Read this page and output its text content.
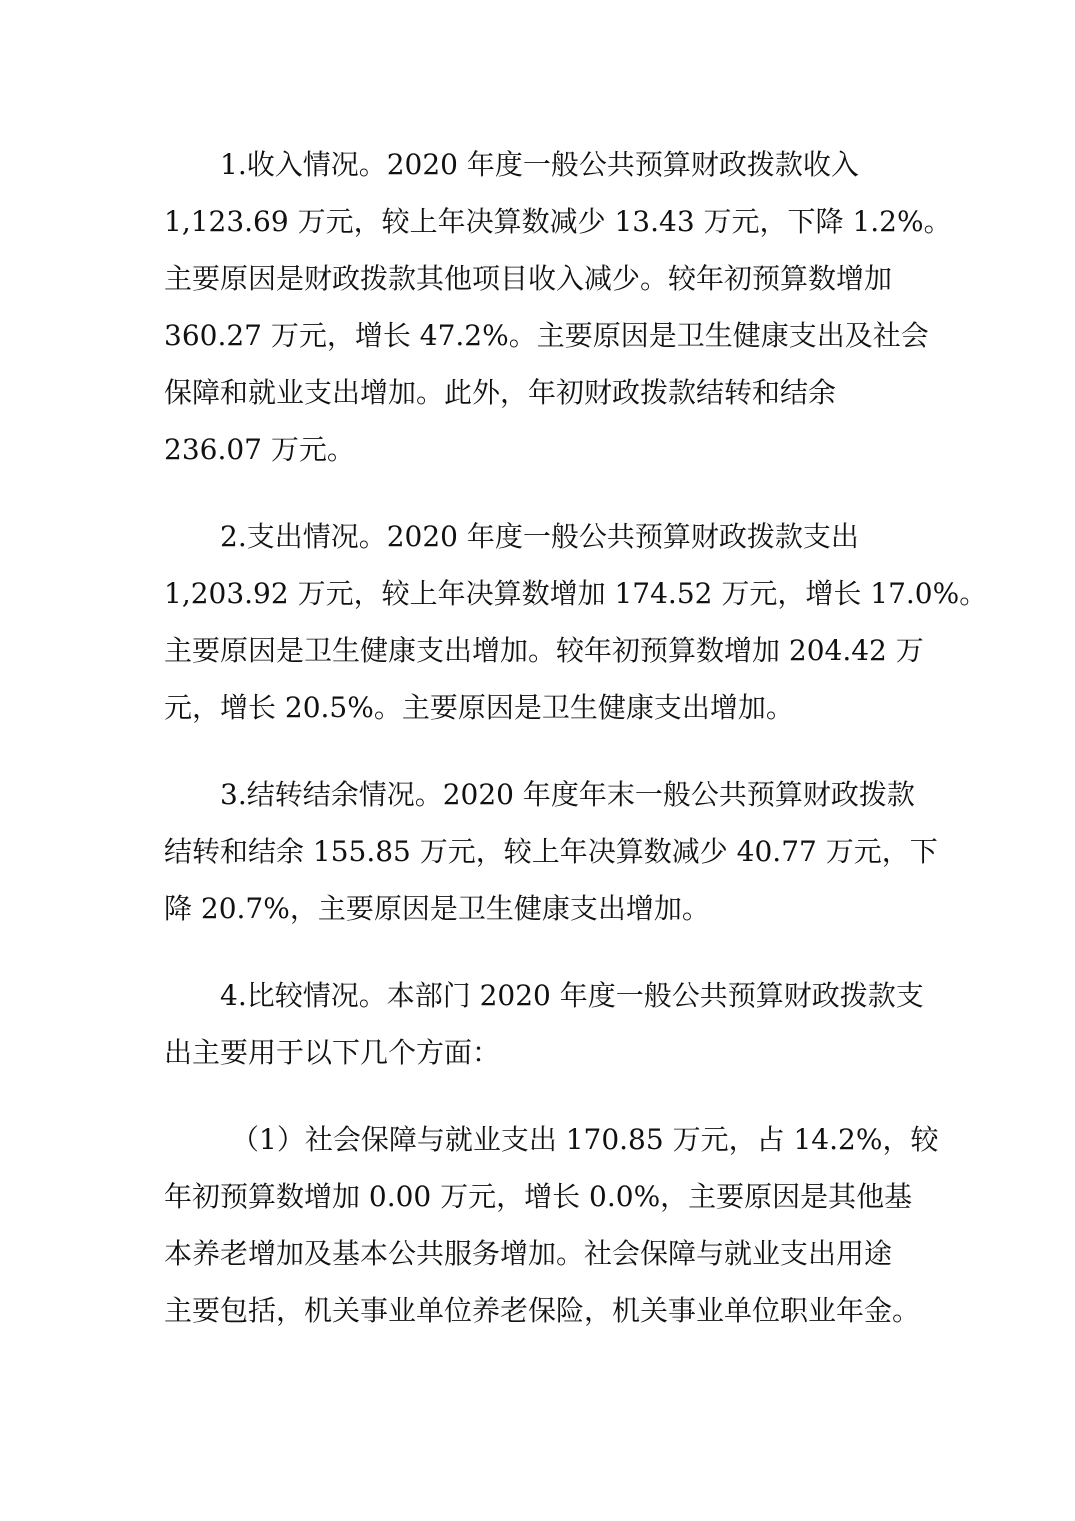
1.收入情况。2020 年度一般公共预算财政拨款收入
1,123.69 万元，较上年决算数减少 13.43 万元，下降 1.2%。
主要原因是财政拨款其他项目收入减少。较年初预算数增加
360.27 万元，增长 47.2%。主要原因是卫生健康支出及社会
保障和就业支出增加。此外，年初财政拨款结转和结余
236.07 万元。
2.支出情况。2020 年度一般公共预算财政拨款支出
1,203.92 万元，较上年决算数增加 174.52 万元，增长 17.0%。
主要原因是卫生健康支出增加。较年初预算数增加 204.42 万
元，增长 20.5%。主要原因是卫生健康支出增加。
3.结转结余情况。2020 年度年末一般公共预算财政拨款
结转和结余 155.85 万元，较上年决算数减少 40.77 万元，下
降 20.7%，主要原因是卫生健康支出增加。
4.比较情况。本部门 2020 年度一般公共预算财政拨款支
出主要用于以下几个方面：
（1）社会保障与就业支出 170.85 万元，占 14.2%，较
年初预算数增加 0.00 万元，增长 0.0%，主要原因是其他基
本养老增加及基本公共服务增加。社会保障与就业支出用途
主要包括，机关事业单位养老保险，机关事业单位职业年金。
